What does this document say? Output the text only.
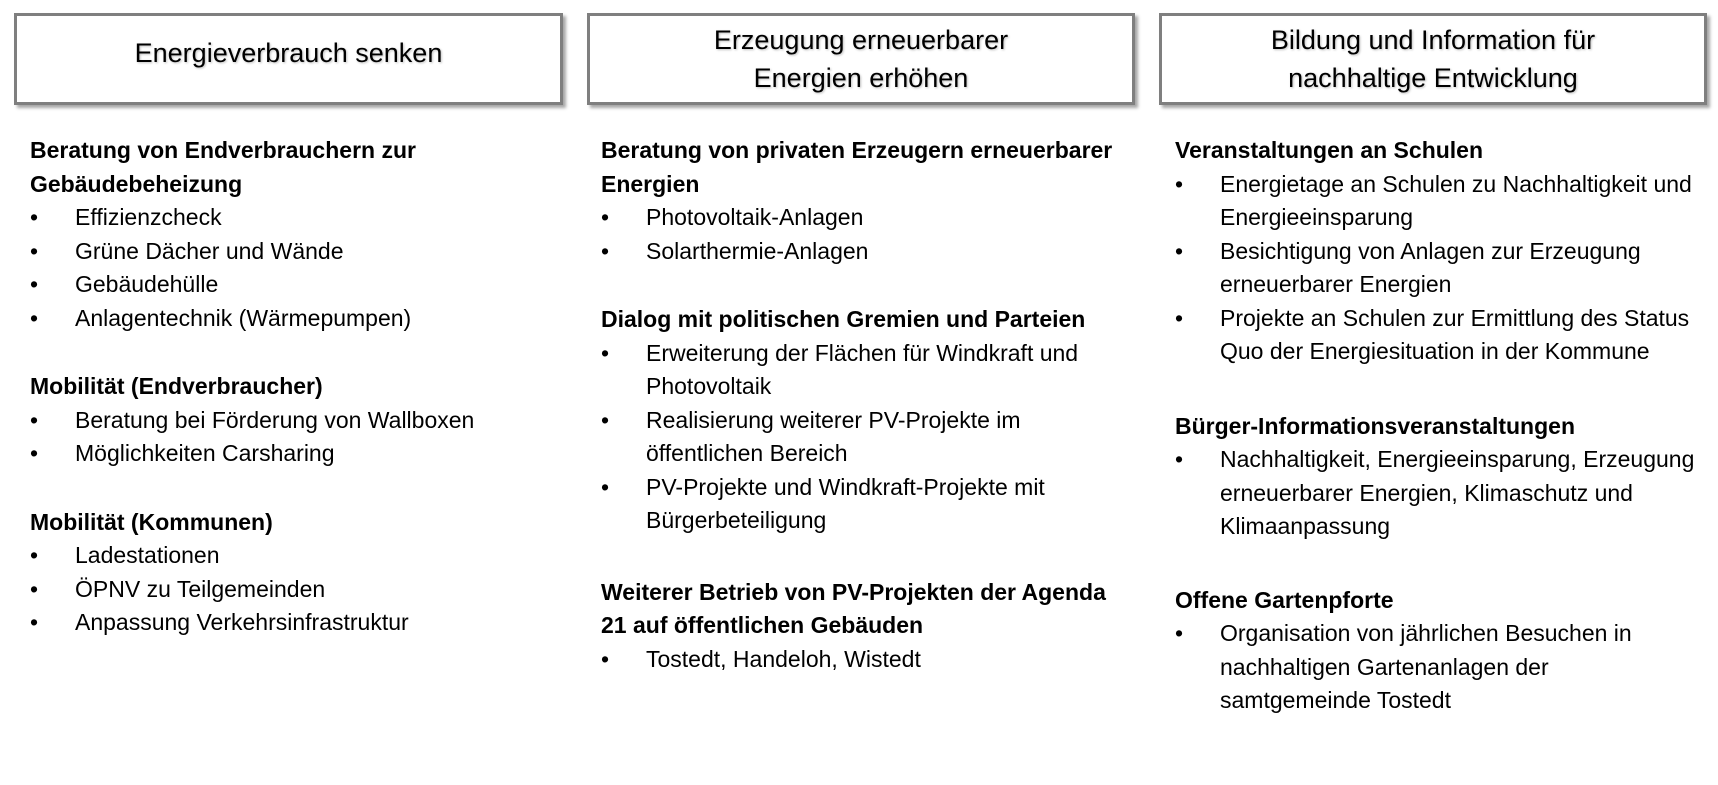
Energieverbrauch senken	Erzeugung erneuerbarer
Energien erhöhen
Bildung und Information für
nachhaltige Entwicklung
Beratung von Endverbrauchern zur Gebäudebeheizung
• Effizienzcheck
• Grüne Dächer und Wände
• Gebäudehülle
• Anlagentechnik (Wärmepumpen)
Mobilität (Endverbraucher)
• Beratung bei Förderung von Wallboxen
• Möglichkeiten Carsharing
Mobilität (Kommunen)
• Ladestationen
• ÖPNV zu Teilgemeinden
• Anpassung Verkehrsinfrastruktur
Beratung von privaten Erzeugern erneuerbarer Energien
• Photovoltaik-Anlagen
• Solarthermie-Anlagen
Dialog mit politischen Gremien und Parteien
• Erweiterung der Flächen für Windkraft und Photovoltaik
• Realisierung weiterer PV-Projekte im öffentlichen Bereich
• PV-Projekte und Windkraft-Projekte mit Bürgerbeteiligung
Weiterer Betrieb von PV-Projekten der Agenda 21 auf öffentlichen Gebäuden
• Tostedt, Handeloh, Wistedt
Veranstaltungen an Schulen
• Energietage an Schulen zu Nachhaltigkeit und Energieeinsparung
• Besichtigung von Anlagen zur Erzeugung erneuerbarer Energien
• Projekte an Schulen zur Ermittlung des Status Quo der Energiesituation in der Kommune
Bürger-Informationsveranstaltungen
• Nachhaltigkeit, Energieeinsparung, Erzeugung erneuerbarer Energien, Klimaschutz und Klimaanpassung
Offene Gartenpforte
• Organisation von jährlichen Besuchen in nachhaltigen Gartenanlagen der samtgemeinde Tostedt
